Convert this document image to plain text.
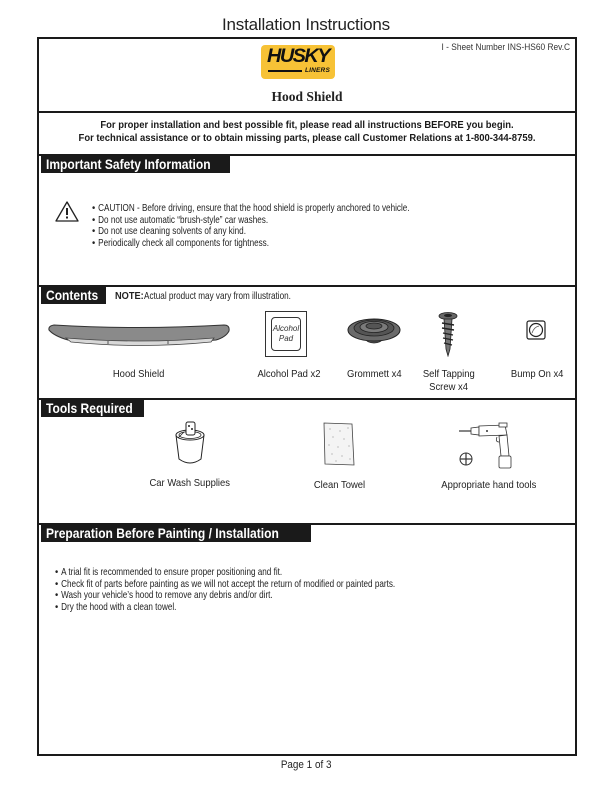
Installation Instructions
I - Sheet Number INS-HS60 Rev.C
HUSKY
LINERS
Hood Shield
For proper installation and best possible fit, please read all instructions BEFORE you begin.
For technical assistance or to obtain missing parts, please call Customer Relations at 1-800-344-8759.
Important Safety Information
• CAUTION - Before driving, ensure that the hood shield is properly anchored to vehicle.
• Do not use automatic “brush-style” car washes.
• Do not use cleaning solvents of any kind.
• Periodically check all components for tightness.
Contents	NOTE:Actual product may vary from illustration.
Hood Shield
Alcohol
Pad
Alcohol Pad x2	Grommett x4	Self Tapping
Screw x4
Bump On x4
Tools Required
Car Wash Supplies	Clean Towel	Appropriate hand tools
Preparation Before Painting / Installation
• A trial fit is recommended to ensure proper positioning and fit.
• Check fit of parts before painting as we will not accept the return of modified or painted parts.
• Wash your vehicle’s hood to remove any debris and/or dirt.
• Dry the hood with a clean towel.
Page 1 of 3
